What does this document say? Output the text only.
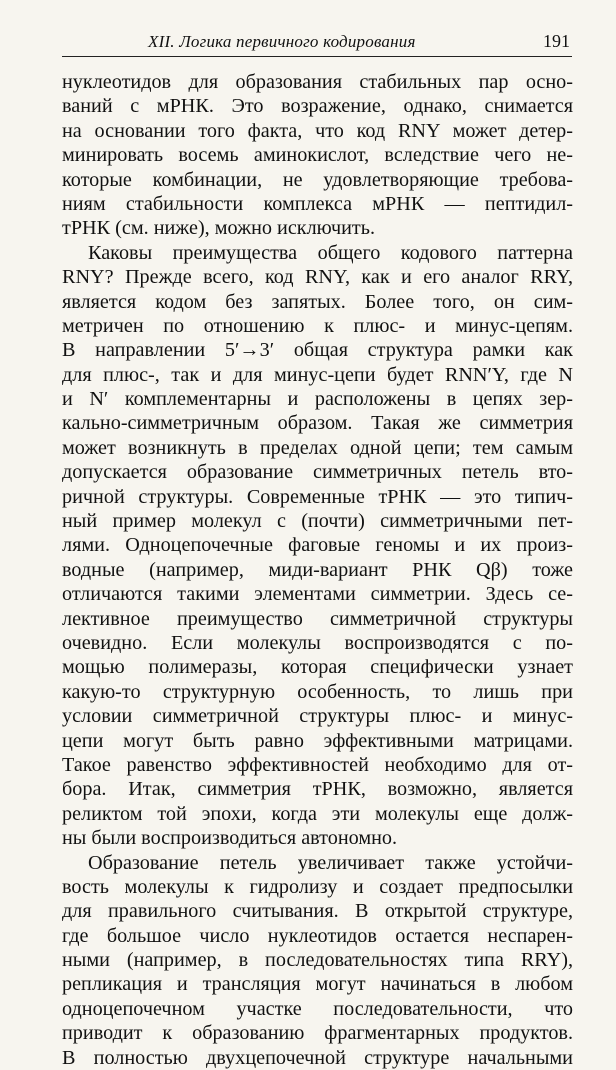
XII. Логика первичного кодирования	191
нуклеотидов для образования стабильных пар осно-
ваний с мРНК. Это возражение, однако, снимается
на основании того факта, что код RNY может детер-
минировать восемь аминокислот, вследствие чего не-
которые комбинации, не удовлетворяющие требова-
ниям стабильности комплекса мРНК — пептидил-
тРНК (см. ниже), можно исключить.
Каковы преимущества общего кодового паттерна
RNY? Прежде всего, код RNY, как и его аналог RRY,
является кодом без запятых. Более того, он сим-
метричен по отношению к плюс- и минус-цепям.
В направлении 5′→3′ общая структура рамки как
для плюс-, так и для минус-цепи будет RNN′Y, где N
и N′ комплементарны и расположены в цепях зер-
кально-симметричным образом. Такая же симметрия
может возникнуть в пределах одной цепи; тем самым
допускается образование симметричных петель вто-
ричной структуры. Современные тРНК — это типич-
ный пример молекул с (почти) симметричными пет-
лями. Одноцепочечные фаговые геномы и их произ-
водные (например, миди-вариант РНК Qβ) тоже
отличаются такими элементами симметрии. Здесь се-
лективное преимущество симметричной структуры
очевидно. Если молекулы воспроизводятся с по-
мощью полимеразы, которая специфически узнает
какую-то структурную особенность, то лишь при
условии симметричной структуры плюс- и минус-
цепи могут быть равно эффективными матрицами.
Такое равенство эффективностей необходимо для от-
бора. Итак, симметрия тРНК, возможно, является
реликтом той эпохи, когда эти молекулы еще долж-
ны были воспроизводиться автономно.
Образование петель увеличивает также устойчи-
вость молекулы к гидролизу и создает предпосылки
для правильного считывания. В открытой структуре,
где большое число нуклеотидов остается неспарен-
ными (например, в последовательностях типа RRY),
репликация и трансляция могут начинаться в любом
одноцепочечном участке последовательности, что
приводит к образованию фрагментарных продуктов.
В полностью двухцепочечной структуре начальными
